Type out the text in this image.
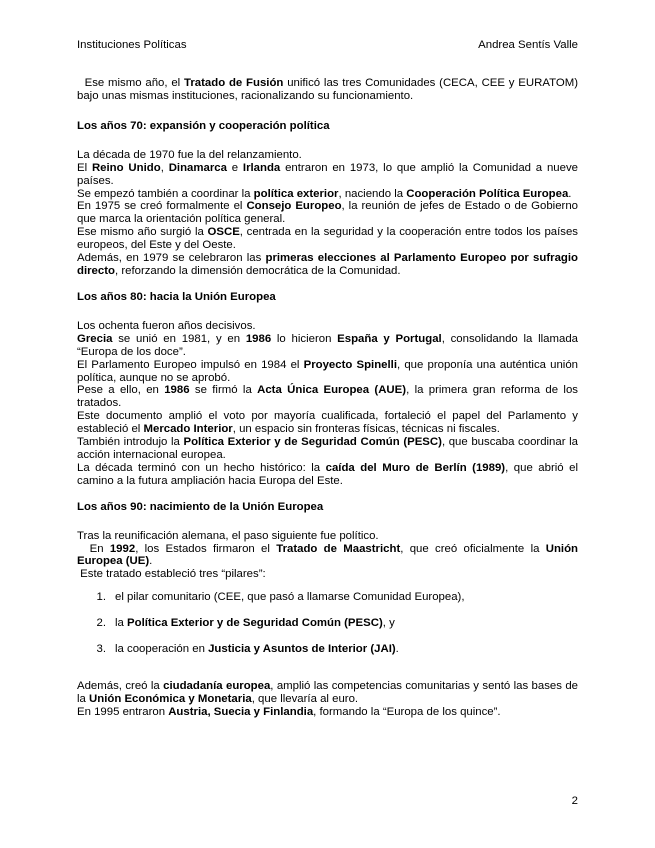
Instituciones Políticas	Andrea Sentís Valle

Ese mismo año, el Tratado de Fusión unificó las tres Comunidades (CECA, CEE y EURATOM) bajo unas mismas instituciones, racionalizando su funcionamiento.

Los años 70: expansión y cooperación política

La década de 1970 fue la del relanzamiento.

El Reino Unido, Dinamarca e Irlanda entraron en 1973, lo que amplió la Comunidad a nueve países.

Se empezó también a coordinar la política exterior, naciendo la Cooperación Política Europea.

En 1975 se creó formalmente el Consejo Europeo, la reunión de jefes de Estado o de Gobierno que marca la orientación política general.

Ese mismo año surgió la OSCE, centrada en la seguridad y la cooperación entre todos los países europeos, del Este y del Oeste.

Además, en 1979 se celebraron las primeras elecciones al Parlamento Europeo por sufragio directo, reforzando la dimensión democrática de la Comunidad.

Los años 80: hacia la Unión Europea

Los ochenta fueron años decisivos.

Grecia se unió en 1981, y en 1986 lo hicieron España y Portugal, consolidando la llamada “Europa de los doce”.

El Parlamento Europeo impulsó en 1984 el Proyecto Spinelli, que proponía una auténtica unión política, aunque no se aprobó.

Pese a ello, en 1986 se firmó la Acta Única Europea (AUE), la primera gran reforma de los tratados.

Este documento amplió el voto por mayoría cualificada, fortaleció el papel del Parlamento y estableció el Mercado Interior, un espacio sin fronteras físicas, técnicas ni fiscales.

También introdujo la Política Exterior y de Seguridad Común (PESC), que buscaba coordinar la acción internacional europea.

La década terminó con un hecho histórico: la caída del Muro de Berlín (1989), que abrió el camino a la futura ampliación hacia Europa del Este.

Los años 90: nacimiento de la Unión Europea

Tras la reunificación alemana, el paso siguiente fue político.

En 1992, los Estados firmaron el Tratado de Maastricht, que creó oficialmente la Unión Europea (UE).

Este tratado estableció tres “pilares”:

1. el pilar comunitario (CEE, que pasó a llamarse Comunidad Europea),
2. la Política Exterior y de Seguridad Común (PESC), y
3. la cooperación en Justicia y Asuntos de Interior (JAI).

Además, creó la ciudadanía europea, amplió las competencias comunitarias y sentó las bases de la Unión Económica y Monetaria, que llevaría al euro.

En 1995 entraron Austria, Suecia y Finlandia, formando la “Europa de los quince”.

2
